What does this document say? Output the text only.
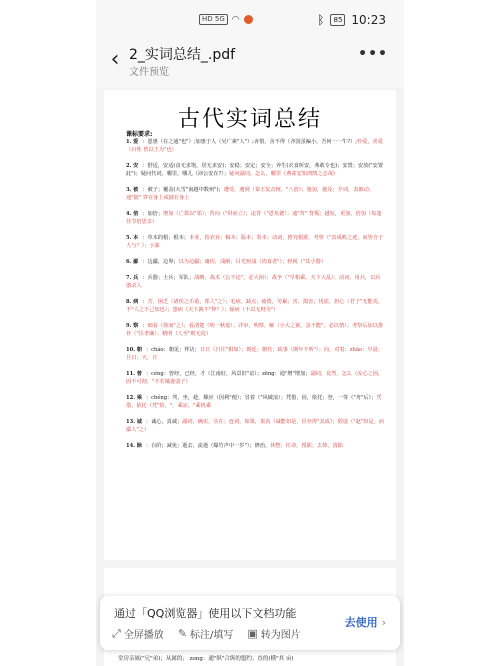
HD 5G ◠	ᛒ	85 10:23
‹ 2_实词总结_.pdf
文件预览
•••
古代实词总结
课标要求:
1. 爱 ：恩惠（在之通"也"）;加惠于人（吴广素"人"）;吝惜，舍不得（齐国虽褊小，吾何一一牛?）;怜爱，喜爱（百姓 皆以王为"也）
2. 安 ：舒适，安适(食无求饱，居无求安)；安稳；安定；安全；养生(衣食所安，弗敢专也)；安置；安放("安置此")；疑问代词，哪里，哪儿（沛公安在?）；疑问副词，怎么，哪里（燕雀安知鸿鹄之志哉)
3. 被 ：被子；覆盖(大雪"南越中数州")；遭受，遇到（秦王复击轲，"八创）；施加，施及；介词，表被动；通"披" 穿在身上或披在身上
4. 倍 ：加倍；增加（亡郑以"邻）；背向（"屏而立）；违背（"恩负德）；通"背" 背叛；越发，更加，倍加（每逢佳节倍思亲）
5. 本 ：草木的根；根本；本业，指农业；稿本；版本；奏本；动词，推究根源，考察（"其成败之迹，而皆自于人与？）；小篆
6. 鄙 ：边疆，边界；以为边疆；庸俗，浅陋；目光短浅（肉食者"）；轻视（"其小器）
7. 兵 ：兵器；士兵；军队；战略，战术（公不论"，必大困）；战争（"早相乘，天下大乱）；动词，用兵，以兵器杀人
8. 病 ：苦，困乏（诸侯之币重，郑人"之）；毛病，缺点；疲倦，劳累；害，损害；忧虑，担心（君子"无能焉，不"人之不己知也）；患病（天下孰不"仲？）；疑病（不以无财为"）
9. 察 ：细看（徐而"之）；看清楚（明一秋毫）；详审，明察，解（小大之狱，虽不能"，必以情）；考察后加以推荐（"臣孝廉）；精明（人至"则无徒）
10. 朝 ：cháo：朝见；拜访；日日（日往"相如）；朝廷；朝代；政事（期年不听"）；向，对着；zhāo：早晨；旦日；天，日
11. 曾 ：céng：曾经，已经，才（江南好，风景旧"谙）；zēng：通"增"增加；副词，竟然，怎么（汝心之固，固不可彻，"不若孀妻弱子）
12. 乘 ：chéng：驾，坐，趁，顺应（因利"便）；冒着（"风破浪）；凭借，因，依托；登，一等（"舟"后）；凭借，依托（凭"险，"，乘凉，"乘机乘
13. 诚 ：诚心，真诚；副词，确实，实在；连词，如果，果真（诚能如是，臣亦得"其成）；假设（"赵"如是，而鄙人"之）
14. 除 ：台阶；减免；逝去，流逝（爆竹声中一岁"）；修治，休整；任命，授职；去掉，清除
堂房亲属("兄"弟)；从属的； zong：通"纵"合纵的盟约；直的(横"其 亩)
通过「QQ浏览器」使用以下文档功能
⤢ 全屏播放 ✎ 标注/填写 ▣ 转为图片
去使用 ›
